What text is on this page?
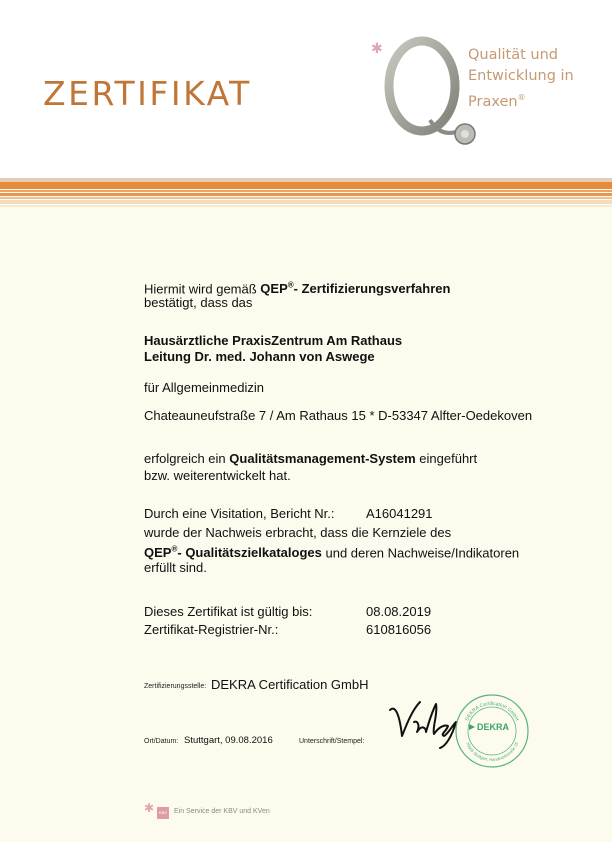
ZERTIFIKAT
✱	Qualität und
Entwicklung in
Praxen®
Hiermit wird gemäß QEP®- Zertifizierungsverfahren
bestätigt, dass das
Hausärztliche PraxisZentrum Am Rathaus
Leitung Dr. med. Johann von Aswege
für Allgemeinmedizin
Chateauneufstraße 7 / Am Rathaus 15 * D-53347 Alfter-Oedekoven
erfolgreich ein Qualitätsmanagement-System eingeführt
bzw. weiterentwickelt hat.
Durch eine Visitation, Bericht Nr.: A16041291
wurde der Nachweis erbracht, dass die Kernziele des
QEP®- Qualitätszielkataloges und deren Nachweise/Indikatoren
erfüllt sind.
Dieses Zertifikat ist gültig bis:	08.08.2019
Zertifikat-Registrier-Nr.:	610816056
Zertifizierungsstelle: DEKRA Certification GmbH
Ort/Datum: Stuttgart, 09.08.2016	Unterschrift/Stempel:
DEKRA Certification GmbH
70565 Stuttgart, Handwerkstraße 15
DEKRA
✱	KBV Ein Service der KBV und KVen
